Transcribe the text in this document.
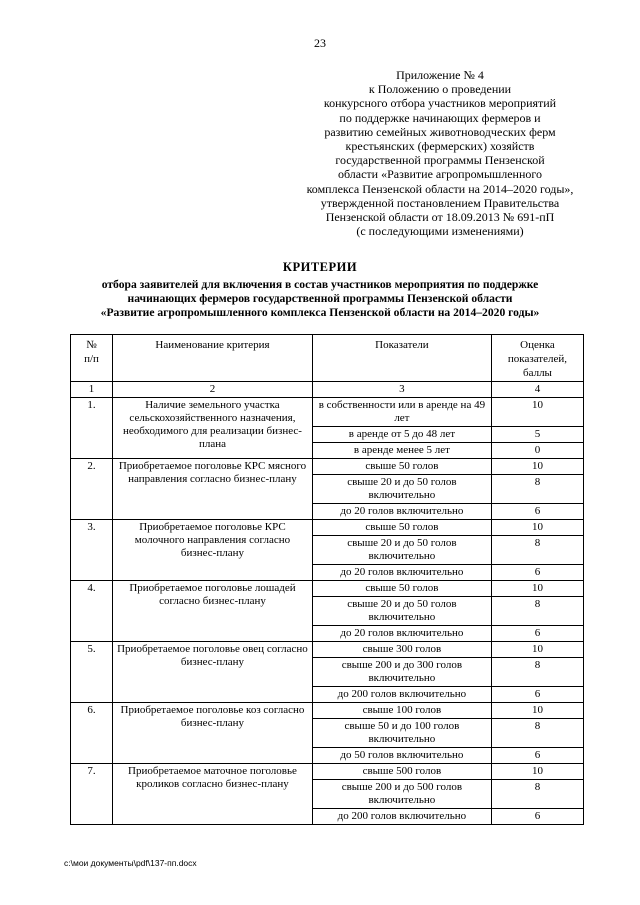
23
Приложение № 4
к Положению о проведении
конкурсного отбора участников мероприятий
по поддержке начинающих фермеров и
развитию семейных животноводческих ферм
крестьянских (фермерских) хозяйств
государственной программы Пензенской
области «Развитие агропромышленного
комплекса Пензенской области на 2014–2020 годы»,
утвержденной постановлением Правительства
Пензенской области от 18.09.2013 № 691-пП
(с последующими изменениями)
КРИТЕРИИ
отбора заявителей для включения в состав участников мероприятия по поддержке
начинающих фермеров государственной программы Пензенской области
«Развитие агропромышленного комплекса Пензенской области на 2014–2020 годы»
№
п/п	Наименование критерия	Показатели	Оценка
показателей,
баллы
1	2	3	4
1.	Наличие земельного участка сельскохозяйственного назначения, необходимого для реализации бизнес-плана	в собственности или в аренде на 49 лет	10
		в аренде от 5 до 48 лет	5
		в аренде менее 5 лет	0
2.	Приобретаемое поголовье КРС мясного направления согласно бизнес-плану	свыше 50 голов	10
		свыше 20 и до 50 голов включительно	8
		до 20 голов включительно	6
3.	Приобретаемое поголовье КРС молочного направления согласно бизнес-плану	свыше 50 голов	10
		свыше 20 и до 50 голов включительно	8
		до 20 голов включительно	6
4.	Приобретаемое поголовье лошадей согласно бизнес-плану	свыше 50 голов	10
		свыше 20 и до 50 голов включительно	8
		до 20 голов включительно	6
5.	Приобретаемое поголовье овец согласно бизнес-плану	свыше 300 голов	10
		свыше 200 и до 300 голов включительно	8
		до 200 голов включительно	6
6.	Приобретаемое поголовье коз согласно бизнес-плану	свыше 100 голов	10
		свыше 50 и до 100 голов включительно	8
		до 50 голов включительно	6
7.	Приобретаемое маточное поголовье кроликов согласно бизнес-плану	свыше 500 голов	10
		свыше 200 и до 500 голов включительно	8
		до 200 голов включительно	6
c:\мои документы\pdf\137-пп.docx
